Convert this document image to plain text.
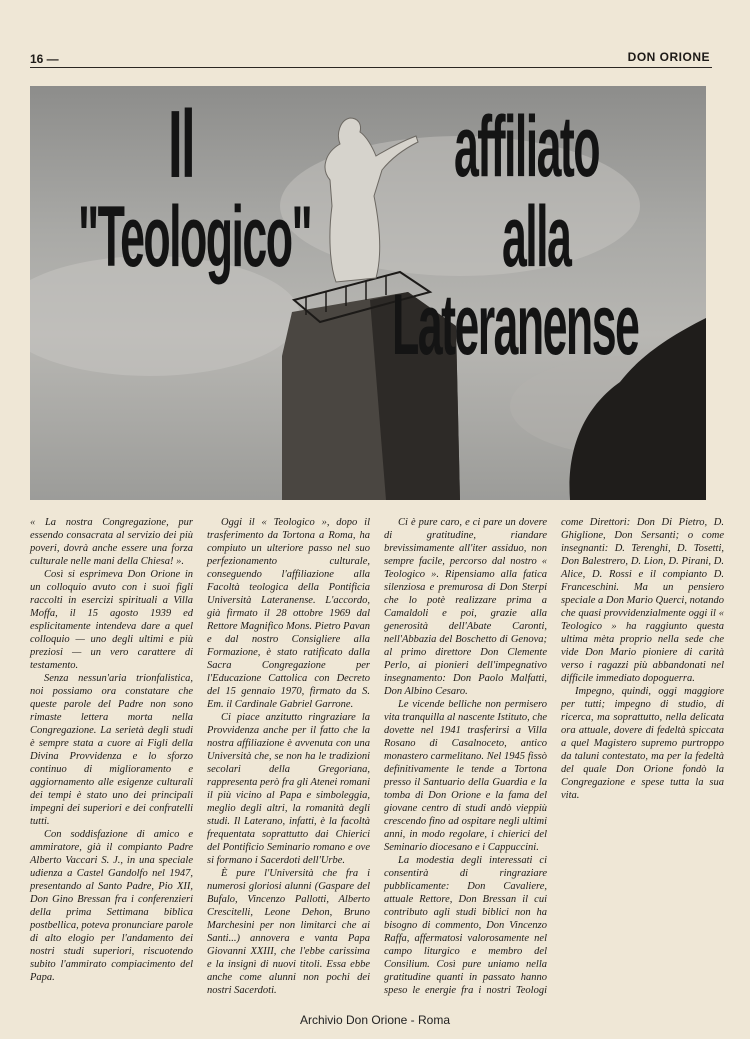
16 —	DON ORIONE
Il
"Teologico"
affiliato
alla
Lateranense

« La nostra Congregazione, pur essendo consacrata al servizio dei più poveri, dovrà anche essere una forza culturale nelle mani della Chiesa! ».

Così si esprimeva Don Orione in un colloquio avuto con i suoi figli raccolti in esercizi spirituali a Villa Moffa, il 15 agosto 1939 ed esplicitamente intendeva dare a quel colloquio — uno degli ultimi e più preziosi — un vero carattere di testamento.

Senza nessun'aria trionfalistica, noi possiamo ora constatare che queste parole del Padre non sono rimaste lettera morta nella Congregazione. La serietà degli studi è sempre stata a cuore ai Figli della Divina Provvidenza e lo sforzo continuo di miglioramento e aggiornamento alle esigenze culturali dei tempi è stato uno dei principali impegni dei superiori e dei confratelli tutti.

Con soddisfazione di amico e ammiratore, già il compianto Padre Alberto Vaccari S. J., in una speciale udienza a Castel Gandolfo nel 1947, presentando al Santo Padre, Pio XII, Don Gino Bressan fra i conferenzieri della prima Settimana biblica postbellica, poteva pronunciare parole di alto elogio per l'andamento dei nostri studi superiori, riscuotendo subito l'ammirato compiacimento del Papa.

Oggi il « Teologico », dopo il trasferimento da Tortona a Roma, ha compiuto un ulteriore passo nel suo perfezionamento culturale, conseguendo l'affiliazione alla Facoltà teologica della Pontificia Università Lateranense. L'accordo, già firmato il 28 ottobre 1969 dal Rettore Magnifico Mons. Pietro Pavan e dal nostro Consigliere alla Formazione, è stato ratificato dalla Sacra Congregazione per l'Educazione Cattolica con Decreto del 15 gennaio 1970, firmato da S. Em. il Cardinale Gabriel Garrone.

Ci piace anzitutto ringraziare la Provvidenza anche per il fatto che la nostra affiliazione è avvenuta con una Università che, se non ha le tradizioni secolari della Gregoriana, rappresenta però fra gli Atenei romani il più vicino al Papa e simboleggia, meglio degli altri, la romanità degli studi. Il Laterano, infatti, è la facoltà frequentata soprattutto dai Chierici del Pontificio Seminario romano e ove si formano i Sacerdoti dell'Urbe.

È pure l'Università che fra i numerosi gloriosi alunni (Gaspare del Bufalo, Vincenzo Pallotti, Alberto Crescitelli, Leone Dehon, Bruno Marchesini per non limitarci che ai Santi...) annovera e vanta Papa Giovanni XXIII, che l'ebbe carissima e la insignì di nuovi titoli. Essa ebbe anche come alunni non pochi dei nostri Sacerdoti.

Ci è pure caro, e ci pare un dovere di gratitudine, riandare brevissimamente all'iter assiduo, non sempre facile, percorso dal nostro « Teologico ». Ripensiamo alla fatica silenziosa e premurosa di Don Sterpi che lo potè realizzare prima a Camaldoli e poi, grazie alla generosità dell'Abate Caronti, nell'Abbazia del Boschetto di Genova; al primo direttore Don Clemente Perlo, ai pionieri dell'impegnativo insegnamento: Don Paolo Malfatti, Don Albino Cesaro.

Le vicende belliche non permisero vita tranquilla al nascente Istituto, che dovette nel 1941 trasferirsi a Villa Rosano di Casalnoceto, antico monastero carmelitano. Nel 1945 fissò definitivamente le tende a Tortona presso il Santuario della Guardia e la tomba di Don Orione e la fama del giovane centro di studi andò vieppiù crescendo fino ad ospitare negli ultimi anni, in modo regolare, i chierici del Seminario diocesano e i Cappuccini.

La modestia degli interessati ci consentirà di ringraziare pubblicamente: Don Cavaliere, attuale Rettore, Don Bressan il cui contributo agli studi biblici non ha bisogno di commento, Don Vincenzo Raffa, affermatosi valorosamente nel campo liturgico e membro del Consilium. Così pure uniamo nella gratitudine quanti in passato hanno speso le energie fra i nostri Teologi come Direttori: Don Di Pietro, D. Ghiglione, Don Sersanti; o come insegnanti: D. Terenghi, D. Tosetti, Don Balestrero, D. Lion, D. Pirani, D. Alice, D. Rossi e il compianto D. Franceschini. Ma un pensiero speciale a Don Mario Querci, notando che quasi provvidenzialmente oggi il « Teologico » ha raggiunto questa ultima mèta proprio nella sede che vide Don Mario pioniere di carità verso i ragazzi più abbandonati nel difficile immediato dopoguerra.

Impegno, quindi, oggi maggiore per tutti; impegno di studio, di ricerca, ma soprattutto, nella delicata ora attuale, dovere di fedeltà spiccata a quel Magistero supremo purtroppo da taluni contestato, ma per la fedeltà del quale Don Orione fondò la Congregazione e spese tutta la sua vita.

Archivio Don Orione - Roma
